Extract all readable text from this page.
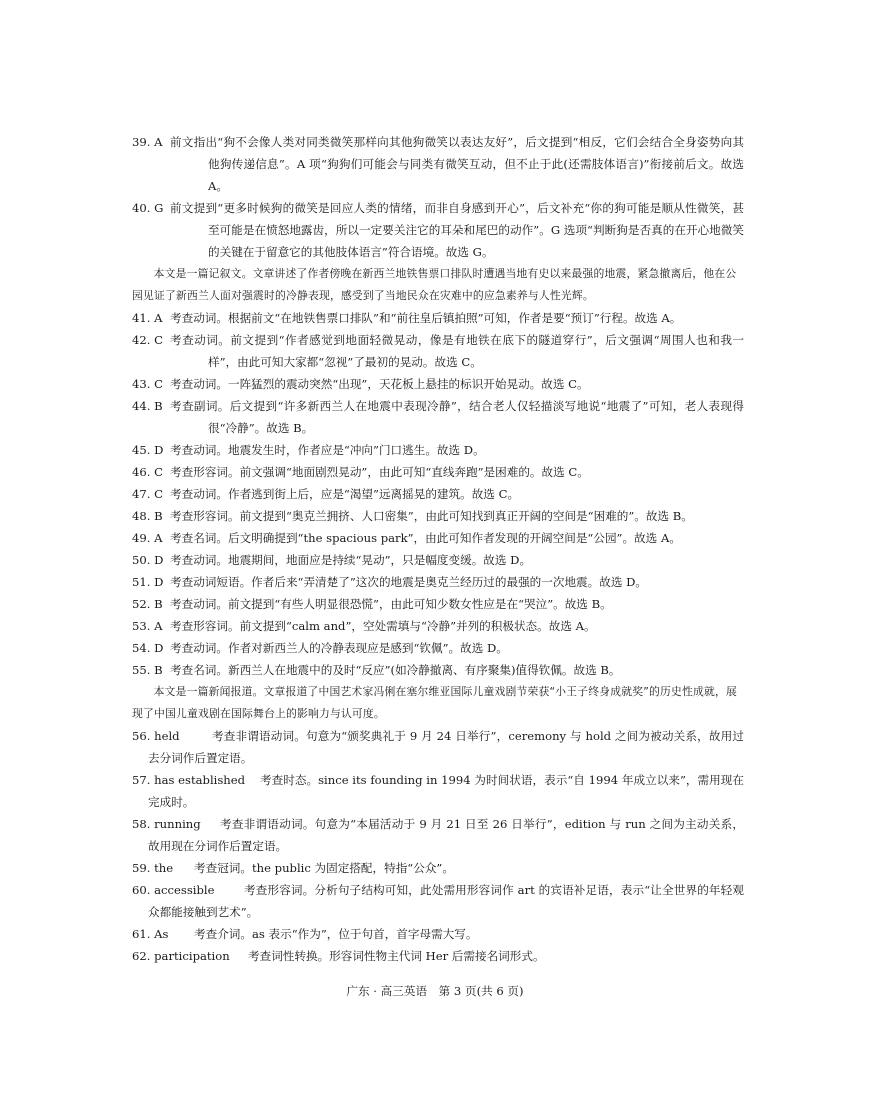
39. A 前文指出“狗不会像人类对同类微笑那样向其他狗微笑以表达友好”，后文提到“相反，它们会结合全身姿势向其他狗传递信息”。A 项“狗狗们可能会与同类有微笑互动，但不止于此(还需肢体语言)”衔接前后文。故选 A。
40. G 前文提到“更多时候狗的微笑是回应人类的情绪，而非自身感到开心”，后文补充“你的狗可能是顺从性微笑，甚至可能是在愤怒地露齿，所以一定要关注它的耳朵和尾巴的动作”。G 选项“判断狗是否真的在开心地微笑的关键在于留意它的其他肢体语言”符合语境。故选 G。
本文是一篇记叙文。文章讲述了作者傍晚在新西兰地铁售票口排队时遭遇当地有史以来最强的地震，紧急撤离后，他在公园见证了新西兰人面对强震时的冷静表现，感受到了当地民众在灾难中的应急素养与人性光辉。
41. A 考查动词。根据前文“在地铁售票口排队”和“前往皇后镇拍照”可知，作者是要“预订”行程。故选 A。
42. C 考查动词。前文提到“作者感觉到地面轻微晃动，像是有地铁在底下的隧道穿行”，后文强调“周围人也和我一样”，由此可知大家都“忽视”了最初的晃动。故选 C。
43. C 考查动词。一阵猛烈的震动突然“出现”，天花板上悬挂的标识开始晃动。故选 C。
44. B 考查副词。后文提到“许多新西兰人在地震中表现冷静”，结合老人仅轻描淡写地说“地震了”可知，老人表现得很“冷静”。故选 B。
45. D 考查动词。地震发生时，作者应是“冲向”门口逃生。故选 D。
46. C 考查形容词。前文强调“地面剧烈晃动”，由此可知“直线奔跑”是困难的。故选 C。
47. C 考查动词。作者逃到街上后，应是“渴望”远离摇晃的建筑。故选 C。
48. B 考查形容词。前文提到“奥克兰拥挤、人口密集”，由此可知找到真正开阔的空间是“困难的”。故选 B。
49. A 考查名词。后文明确提到“the spacious park”，由此可知作者发现的开阔空间是“公园”。故选 A。
50. D 考查动词。地震期间，地面应是持续“晃动”，只是幅度变缓。故选 D。
51. D 考查动词短语。作者后来“弄清楚了”这次的地震是奥克兰经历过的最强的一次地震。故选 D。
52. B 考查动词。前文提到“有些人明显很恐慌”，由此可知少数女性应是在“哭泣”。故选 B。
53. A 考查形容词。前文提到“calm and”，空处需填与“冷静”并列的积极状态。故选 A。
54. D 考查动词。作者对新西兰人的冷静表现应是感到“钦佩”。故选 D。
55. B 考查名词。新西兰人在地震中的及时“反应”(如冷静撤离、有序聚集)值得钦佩。故选 B。
本文是一篇新闻报道。文章报道了中国艺术家冯俐在塞尔维亚国际儿童戏剧节荣获“小王子终身成就奖”的历史性成就，展现了中国儿童戏剧在国际舞台上的影响力与认可度。
56. held	考查非谓语动词。句意为“颁奖典礼于 9 月 24 日举行”，ceremony 与 hold 之间为被动关系，故用过去分词作后置定语。
57. has established	考查时态。since its founding in 1994 为时间状语，表示“自 1994 年成立以来”，需用现在完成时。
58. running	考查非谓语动词。句意为“本届活动于 9 月 21 日至 26 日举行”，edition 与 run 之间为主动关系，故用现在分词作后置定语。
59. the	考查冠词。the public 为固定搭配，特指“公众”。
60. accessible	考查形容词。分析句子结构可知，此处需用形容词作 art 的宾语补足语，表示“让全世界的年轻观众都能接触到艺术”。
61. As	考查介词。as 表示“作为”，位于句首，首字母需大写。
62. participation	考查词性转换。形容词性物主代词 Her 后需接名词形式。
广东 · 高三英语　第 3 页(共 6 页)
